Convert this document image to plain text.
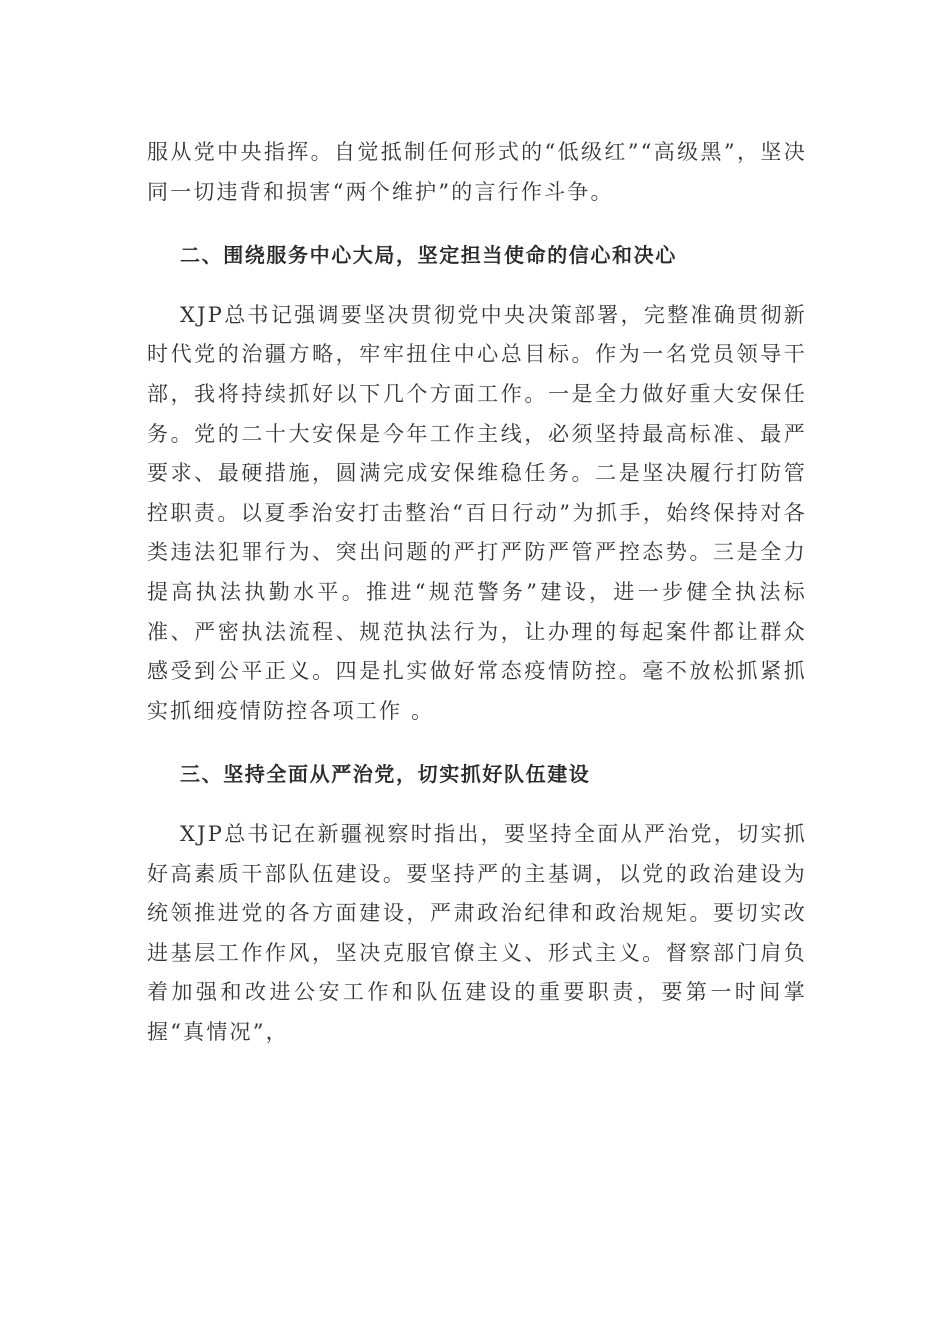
服从党中央指挥。自觉抵制任何形式的“低级红”“高级黑”，坚决同一切违背和损害“两个维护”的言行作斗争。

二、围绕服务中心大局，坚定担当使命的信心和决心

XJP总书记强调要坚决贯彻党中央决策部署，完整准确贯彻新时代党的治疆方略，牢牢扭住中心总目标。作为一名党员领导干部，我将持续抓好以下几个方面工作。一是全力做好重大安保任务。党的二十大安保是今年工作主线，必须坚持最高标准、最严要求、最硬措施，圆满完成安保维稳任务。二是坚决履行打防管控职责。以夏季治安打击整治“百日行动”为抓手，始终保持对各类违法犯罪行为、突出问题的严打严防严管严控态势。三是全力提高执法执勤水平。推进“规范警务”建设，进一步健全执法标准、严密执法流程、规范执法行为，让办理的每起案件都让群众感受到公平正义。四是扎实做好常态疫情防控。毫不放松抓紧抓实抓细疫情防控各项工作 。

三、坚持全面从严治党，切实抓好队伍建设

XJP总书记在新疆视察时指出，要坚持全面从严治党，切实抓好高素质干部队伍建设。要坚持严的主基调，以党的政治建设为统领推进党的各方面建设，严肃政治纪律和政治规矩。要切实改进基层工作作风，坚决克服官僚主义、形式主义。督察部门肩负着加强和改进公安工作和队伍建设的重要职责，要第一时间掌握“真情况”，
